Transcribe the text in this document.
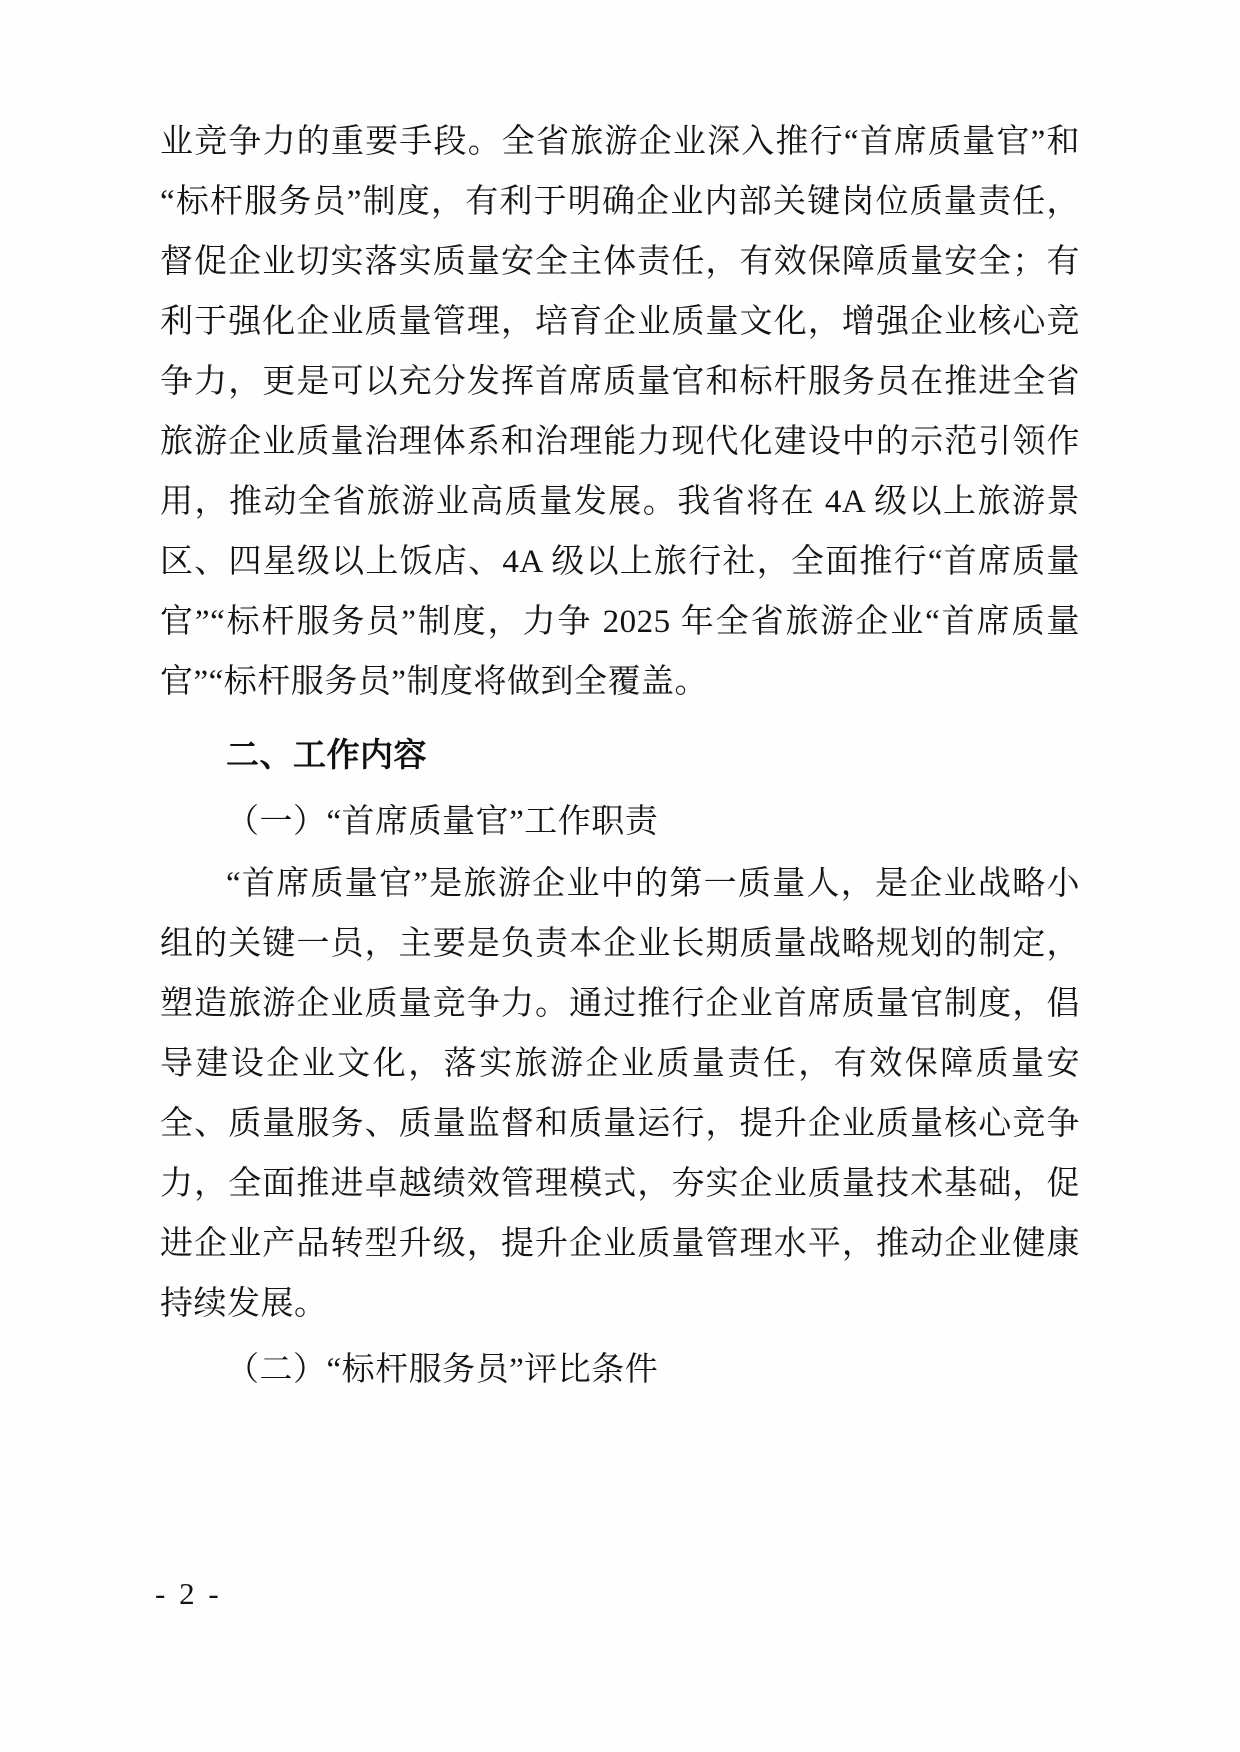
业竞争力的重要手段。全省旅游企业深入推行“首席质量官”和“标杆服务员”制度，有利于明确企业内部关键岗位质量责任，督促企业切实落实质量安全主体责任，有效保障质量安全；有利于强化企业质量管理，培育企业质量文化，增强企业核心竞争力，更是可以充分发挥首席质量官和标杆服务员在推进全省旅游企业质量治理体系和治理能力现代化建设中的示范引领作用，推动全省旅游业高质量发展。我省将在 4A 级以上旅游景区、四星级以上饭店、4A 级以上旅行社，全面推行“首席质量官”“标杆服务员”制度，力争 2025 年全省旅游企业“首席质量官”“标杆服务员”制度将做到全覆盖。

二、工作内容

（一）“首席质量官”工作职责

“首席质量官”是旅游企业中的第一质量人，是企业战略小组的关键一员，主要是负责本企业长期质量战略规划的制定，塑造旅游企业质量竞争力。通过推行企业首席质量官制度，倡导建设企业文化，落实旅游企业质量责任，有效保障质量安全、质量服务、质量监督和质量运行，提升企业质量核心竞争力，全面推进卓越绩效管理模式，夯实企业质量技术基础，促进企业产品转型升级，提升企业质量管理水平，推动企业健康持续发展。

（二）“标杆服务员”评比条件

- 2 -
